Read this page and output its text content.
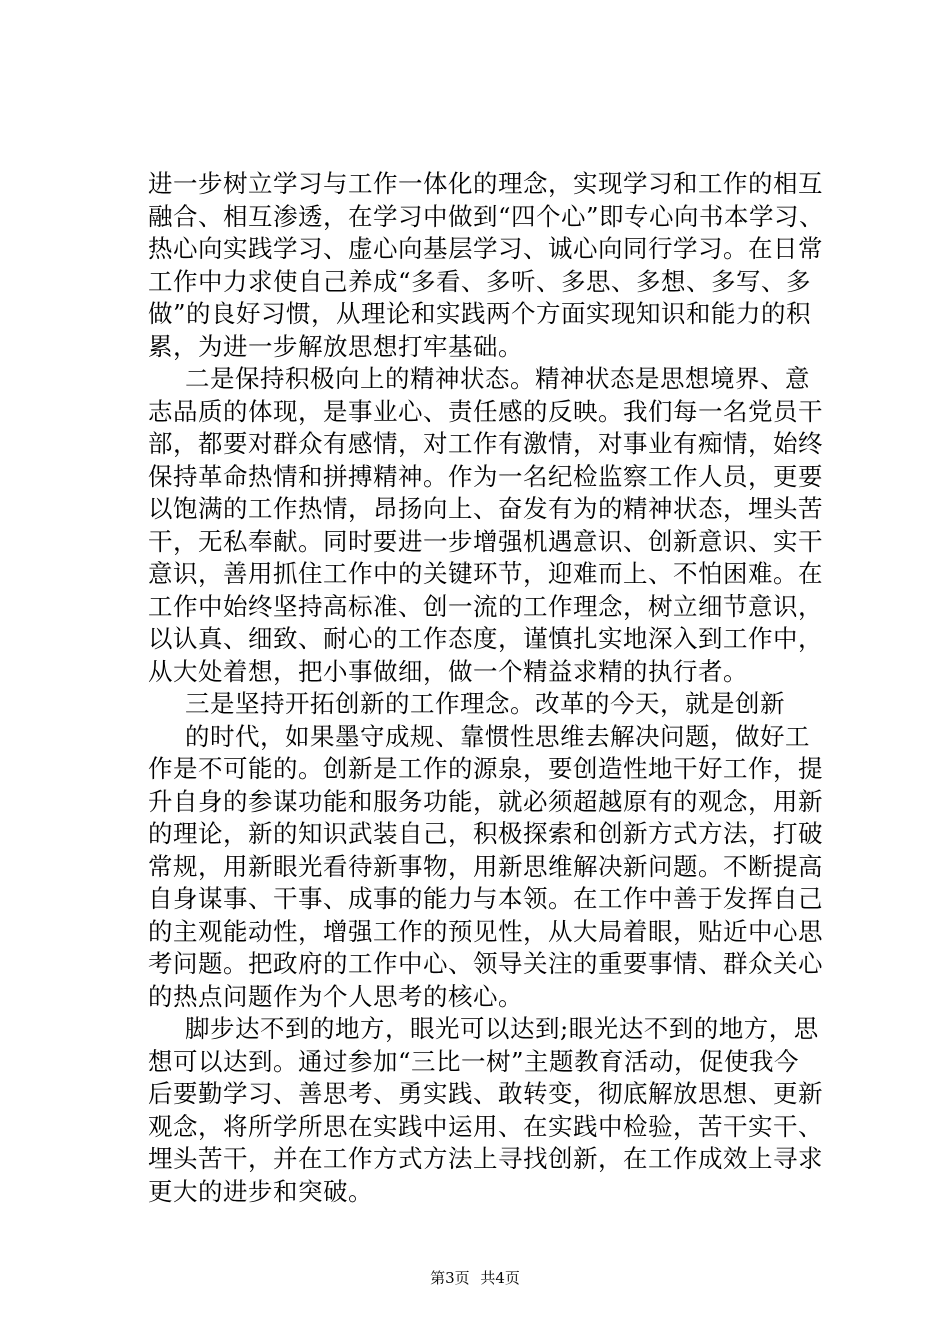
进一步树立学习与工作一体化的理念，实现学习和工作的相互
融合、相互渗透，在学习中做到“四个心”即专心向书本学习、
热心向实践学习、虚心向基层学习、诚心向同行学习。在日常
工作中力求使自己养成“多看、多听、多思、多想、多写、多
做”的良好习惯，从理论和实践两个方面实现知识和能力的积
累，为进一步解放思想打牢基础。
二是保持积极向上的精神状态。精神状态是思想境界、意
志品质的体现，是事业心、责任感的反映。我们每一名党员干
部，都要对群众有感情，对工作有激情，对事业有痴情，始终
保持革命热情和拼搏精神。作为一名纪检监察工作人员，更要
以饱满的工作热情，昂扬向上、奋发有为的精神状态，埋头苦
干，无私奉献。同时要进一步增强机遇意识、创新意识、实干
意识，善用抓住工作中的关键环节，迎难而上、不怕困难。在
工作中始终坚持高标准、创一流的工作理念，树立细节意识，
以认真、细致、耐心的工作态度，谨慎扎实地深入到工作中，
从大处着想，把小事做细，做一个精益求精的执行者。
三是坚持开拓创新的工作理念。改革的今天，就是创新
的时代，如果墨守成规、靠惯性思维去解决问题，做好工
作是不可能的。创新是工作的源泉，要创造性地干好工作，提
升自身的参谋功能和服务功能，就必须超越原有的观念，用新
的理论，新的知识武装自己，积极探索和创新方式方法，打破
常规，用新眼光看待新事物，用新思维解决新问题。不断提高
自身谋事、干事、成事的能力与本领。在工作中善于发挥自己
的主观能动性，增强工作的预见性，从大局着眼，贴近中心思
考问题。把政府的工作中心、领导关注的重要事情、群众关心
的热点问题作为个人思考的核心。
脚步达不到的地方，眼光可以达到;眼光达不到的地方，思
想可以达到。通过参加“三比一树”主题教育活动，促使我今
后要勤学习、善思考、勇实践、敢转变，彻底解放思想、更新
观念，将所学所思在实践中运用、在实践中检验，苦干实干、
埋头苦干，并在工作方式方法上寻找创新，在工作成效上寻求
更大的进步和突破。
第3页 共4页
